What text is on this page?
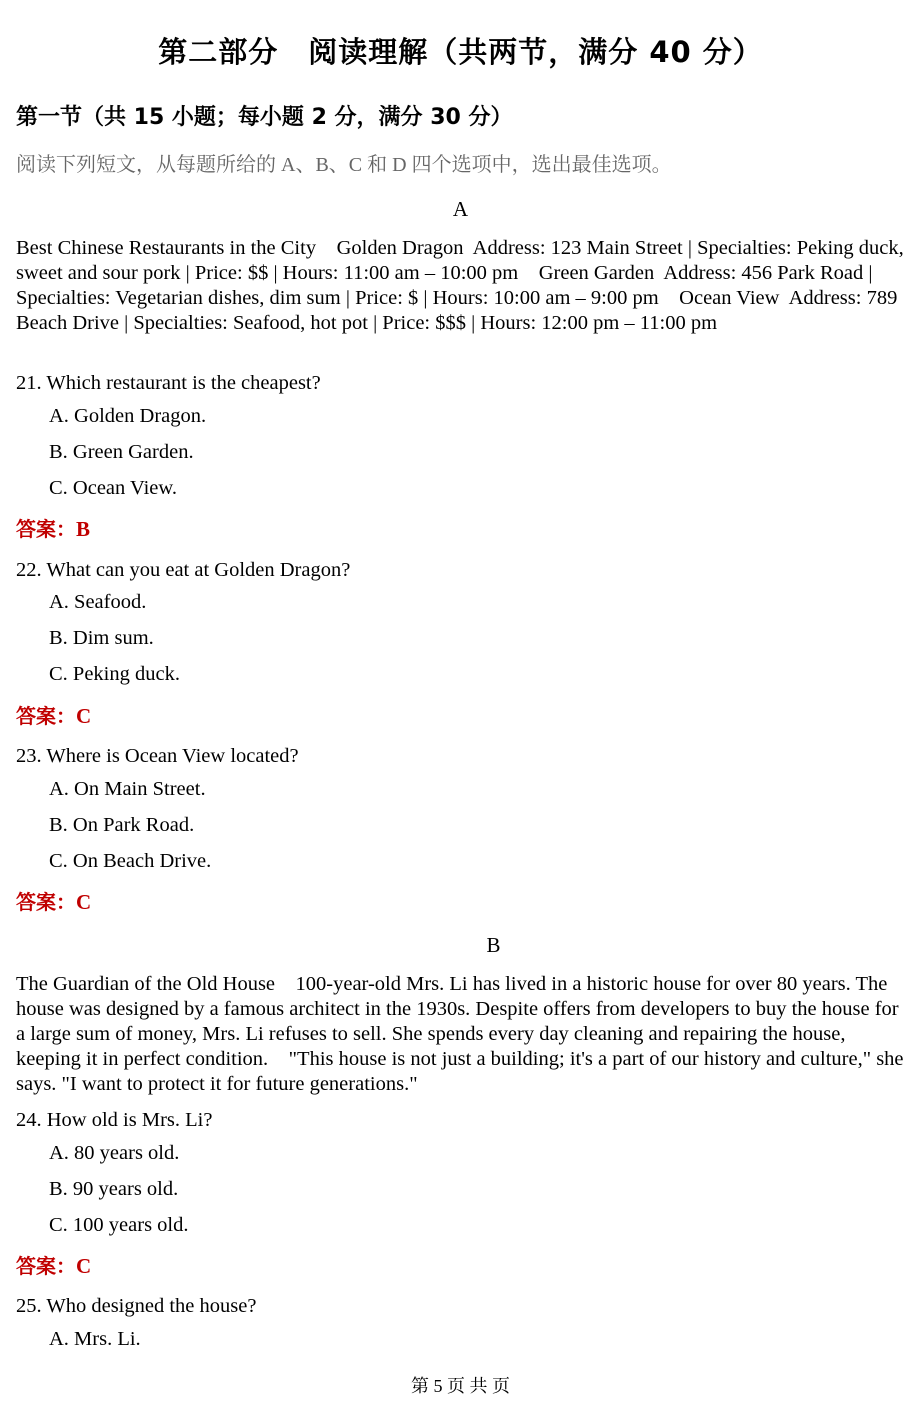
第二部分　阅读理解（共两节，满分 40 分）
第一节（共 15 小题；每小题 2 分，满分 30 分）

阅读下列短文，从每题所给的 A、B、C 和 D 四个选项中，选出最佳选项。

A

Best Chinese Restaurants in the City    Golden Dragon  Address: 123 Main Street | Specialties: Peking duck, sweet and sour pork | Price: $$ | Hours: 11:00 am – 10:00 pm    Green Garden  Address: 456 Park Road | Specialties: Vegetarian dishes, dim sum | Price: $ | Hours: 10:00 am – 9:00 pm    Ocean View  Address: 789 Beach Drive | Specialties: Seafood, hot pot | Price: $$$ | Hours: 12:00 pm – 11:00 pm

21. Which restaurant is the cheapest?

A. Golden Dragon.

B. Green Garden.

C. Ocean View.

答案：B

22. What can you eat at Golden Dragon?

A. Seafood.

B. Dim sum.

C. Peking duck.

答案：C

23. Where is Ocean View located?

A. On Main Street.

B. On Park Road.

C. On Beach Drive.

答案：C

B

The Guardian of the Old House    100-year-old Mrs. Li has lived in a historic house for over 80 years. The house was designed by a famous architect in the 1930s. Despite offers from developers to buy the house for a large sum of money, Mrs. Li refuses to sell. She spends every day cleaning and repairing the house, keeping it in perfect condition.    "This house is not just a building; it's a part of our history and culture," she says. "I want to protect it for future generations."

24. How old is Mrs. Li?

A. 80 years old.

B. 90 years old.

C. 100 years old.

答案：C

25. Who designed the house?

A. Mrs. Li.

第 5 页 共 页
